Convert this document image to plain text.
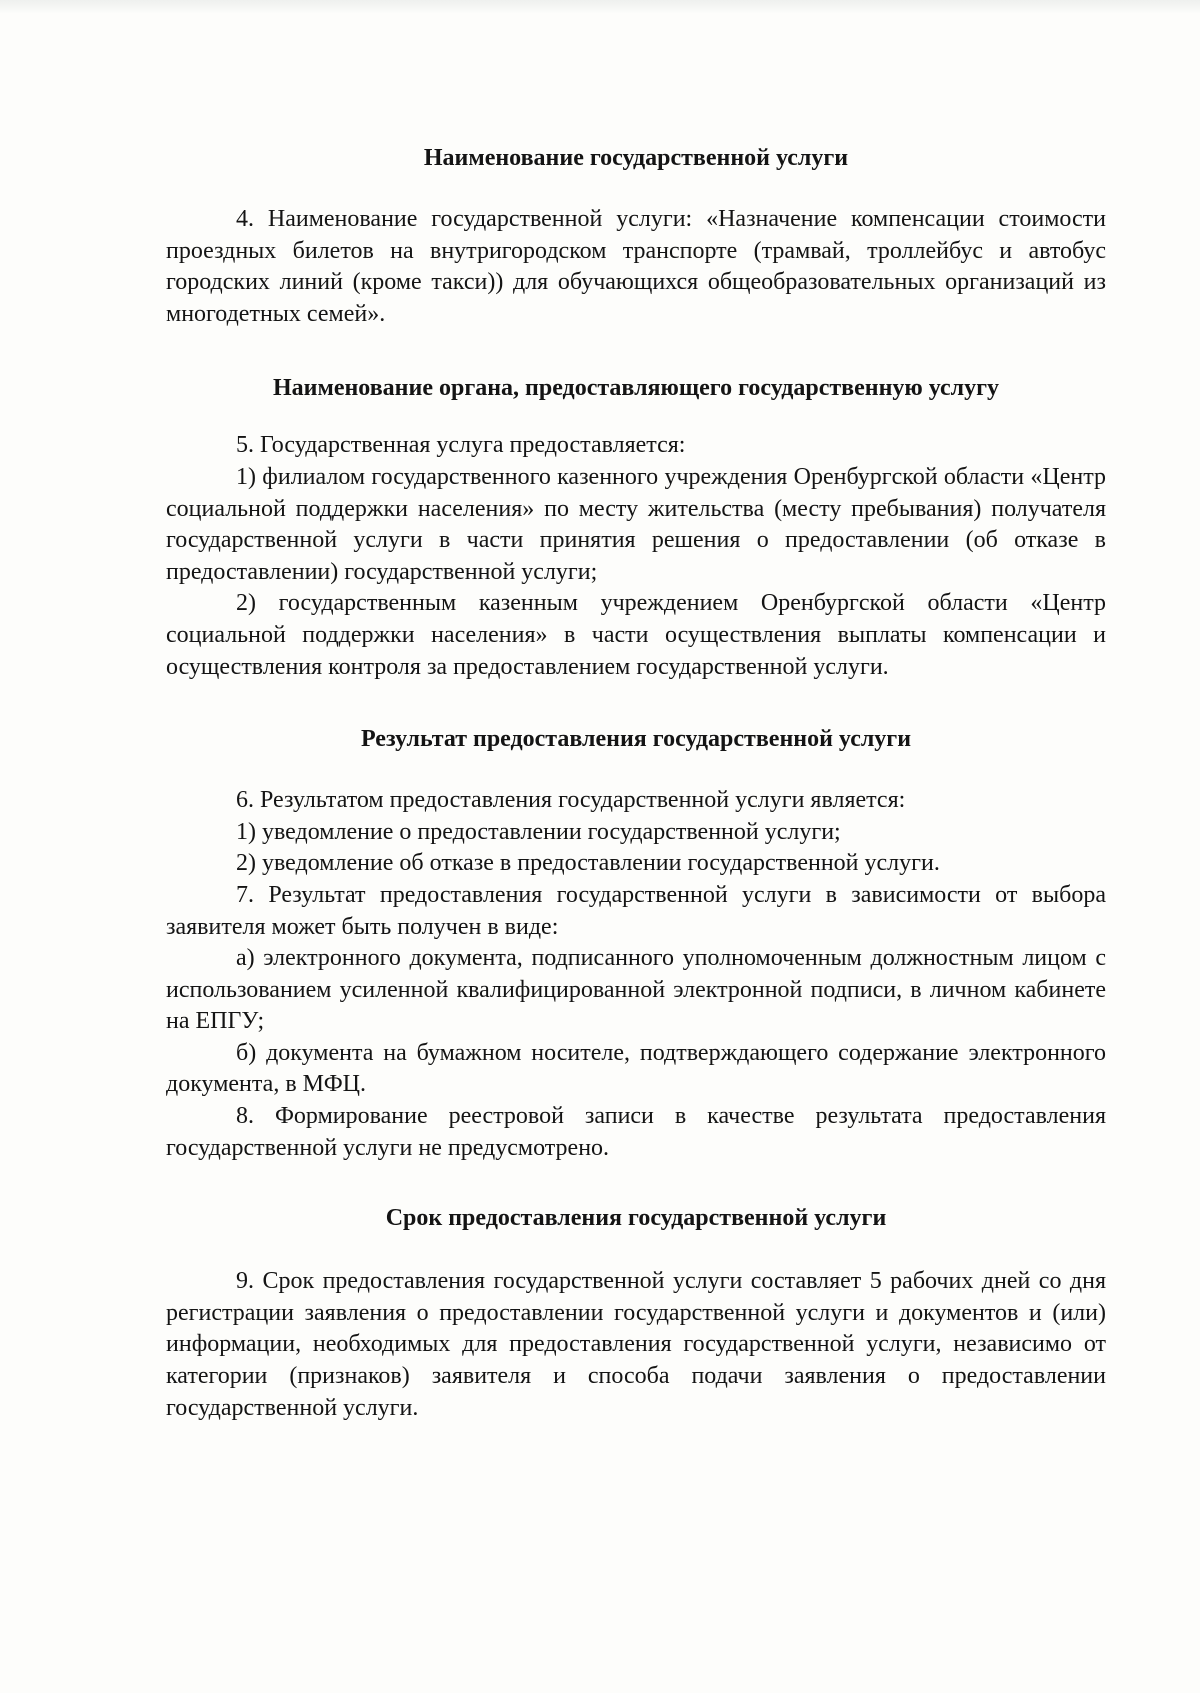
Наименование государственной услуги

4. Наименование государственной услуги: «Назначение компенсации стоимости проездных билетов на внутригородском транспорте (трамвай, троллейбус и автобус городских линий (кроме такси)) для обучающихся общеобразовательных организаций из многодетных семей».

Наименование органа, предоставляющего государственную услугу

5. Государственная услуга предоставляется:

1) филиалом государственного казенного учреждения Оренбургской области «Центр социальной поддержки населения» по месту жительства (месту пребывания) получателя государственной услуги в части принятия решения о предоставлении (об отказе в предоставлении) государственной услуги;

2) государственным казенным учреждением Оренбургской области «Центр социальной поддержки населения» в части осуществления выплаты компенсации и осуществления контроля за предоставлением государственной услуги.

Результат предоставления государственной услуги

6. Результатом предоставления государственной услуги является:

1) уведомление о предоставлении государственной услуги;

2) уведомление об отказе в предоставлении государственной услуги.

7. Результат предоставления государственной услуги в зависимости от выбора заявителя может быть получен в виде:

а) электронного документа, подписанного уполномоченным должностным лицом с использованием усиленной квалифицированной электронной подписи, в личном кабинете на ЕПГУ;

б) документа на бумажном носителе, подтверждающего содержание электронного документа, в МФЦ.

8. Формирование реестровой записи в качестве результата предоставления государственной услуги не предусмотрено.

Срок предоставления государственной услуги

9. Срок предоставления государственной услуги составляет 5 рабочих дней со дня регистрации заявления о предоставлении государственной услуги и документов и (или) информации, необходимых для предоставления государственной услуги, независимо от категории (признаков) заявителя и способа подачи заявления о предоставлении государственной услуги.
